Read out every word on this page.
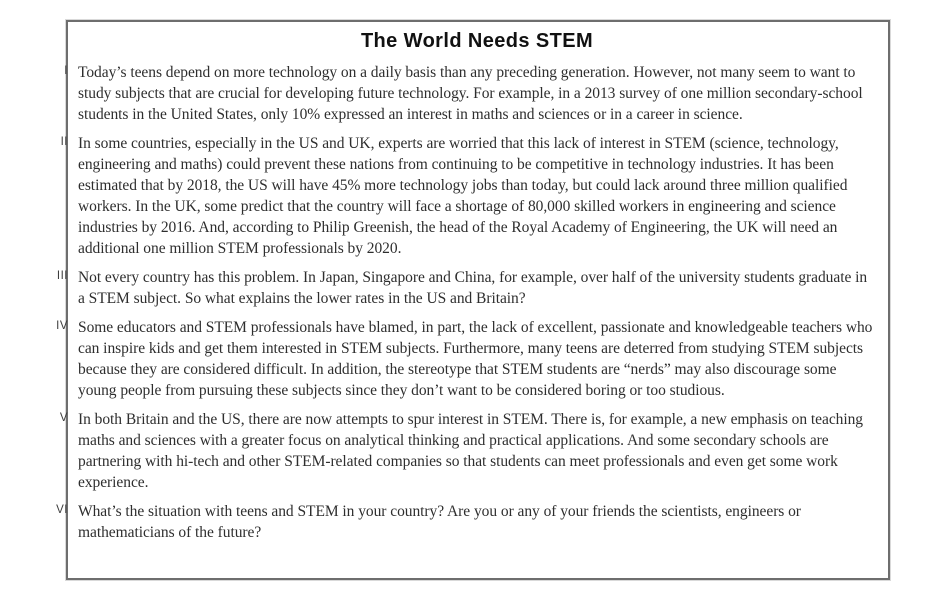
The World Needs STEM
I Today’s teens depend on more technology on a daily basis than any preceding generation. However, not many seem to want to study subjects that are crucial for developing future technology. For example, in a 2013 survey of one million secondary-school students in the United States, only 10% expressed an interest in maths and sciences or in a career in science.

II In some countries, especially in the US and UK, experts are worried that this lack of interest in STEM (science, technology, engineering and maths) could prevent these nations from continuing to be competitive in technology industries. It has been estimated that by 2018, the US will have 45% more technology jobs than today, but could lack around three million qualified workers. In the UK, some predict that the country will face a shortage of 80,000 skilled workers in engineering and science industries by 2016. And, according to Philip Greenish, the head of the Royal Academy of Engineering, the UK will need an additional one million STEM professionals by 2020.

III Not every country has this problem. In Japan, Singapore and China, for example, over half of the university students graduate in a STEM subject. So what explains the lower rates in the US and Britain?

IV Some educators and STEM professionals have blamed, in part, the lack of excellent, passionate and knowledgeable teachers who can inspire kids and get them interested in STEM subjects. Furthermore, many teens are deterred from studying STEM subjects because they are considered difficult. In addition, the stereotype that STEM students are “nerds” may also discourage some young people from pursuing these subjects since they don’t want to be considered boring or too studious.

V In both Britain and the US, there are now attempts to spur interest in STEM. There is, for example, a new emphasis on teaching maths and sciences with a greater focus on analytical thinking and practical applications. And some secondary schools are partnering with hi-tech and other STEM-related companies so that students can meet professionals and even get some work experience.

VI What’s the situation with teens and STEM in your country? Are you or any of your friends the scientists, engineers or mathematicians of the future?
